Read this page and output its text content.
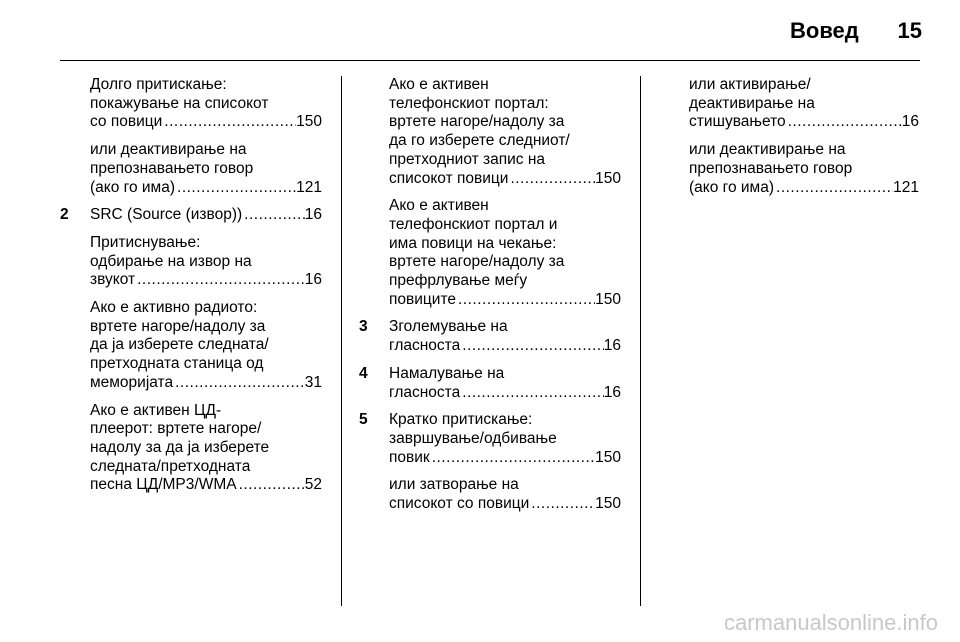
Вовед 15
Долго притискање:
покажување на списокот
со повици .....	150
или деактивирање на
препознавањето говор
(ако го има) .....	121
2 SRC (Source (извор)) .....	16
Притиснување:
одбирање на извор на
звукот .....	16
Ако е активно радиото:
вртете нагоре/надолу за
да ја изберете следната/
претходната станица од
меморијата .....	31
Ако е активен ЦД-
плеерот: вртете нагоре/
надолу за да ја изберете
следната/претходната
песна ЦД/MP3/WMA .....	52
Ако е активен
телефонскиот портал:
вртете нагоре/надолу за
да го изберете следниот/
претходниот запис на
списокот повици .....	150
Ако е активен
телефонскиот портал и
има повици на чекање:
вртете нагоре/надолу за
префрлување меѓу
повиците .....	150
3 Зголемување на
гласноста .....	16
4 Намалување на
гласноста .....	16
5 Кратко притискање:
завршување/одбивање
повик .....	150
или затворање на
списокот со повици .....	150
или активирање/
деактивирање на
стишувањето .....	16
или деактивирање на
препознавањето говор
(ако го има) .....	121
carmanualsonline.info
